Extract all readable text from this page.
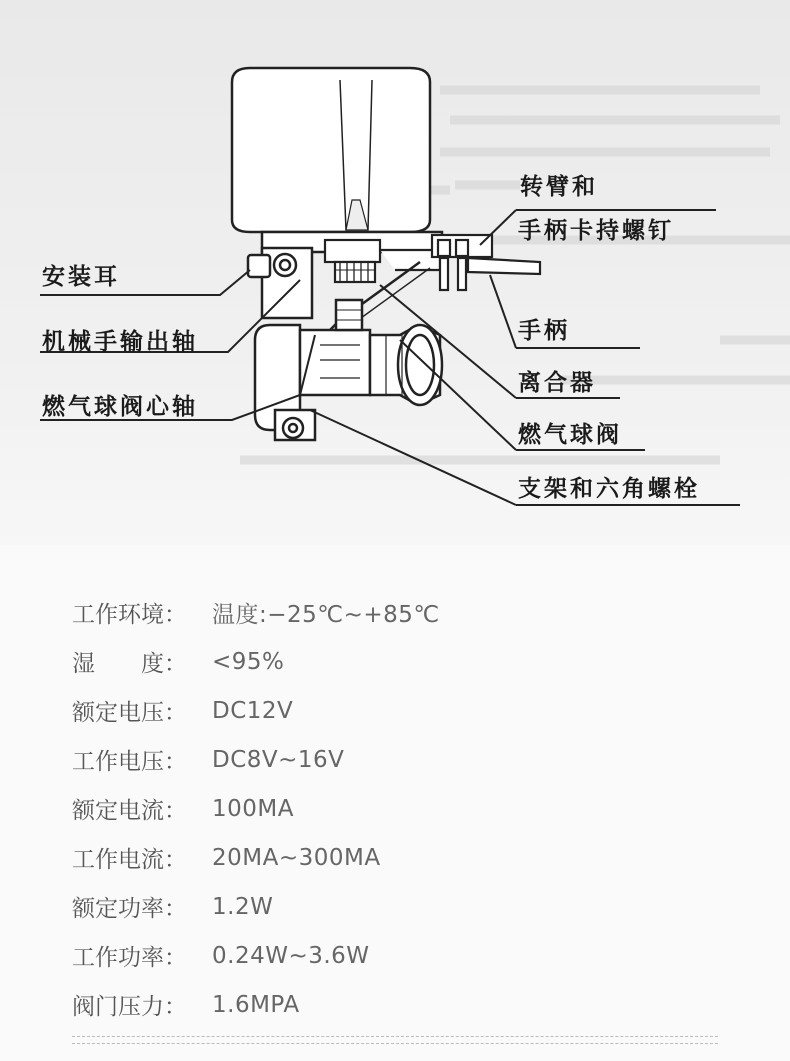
安装耳
机械手输出轴
燃气球阀心轴
转臂和
手柄卡持螺钉
手柄
离合器
燃气球阀
支架和六角螺栓
工作环境：	温度:−25℃~+85℃
湿　　度：	<95%
额定电压：	DC12V
工作电压：	DC8V~16V
额定电流：	100MA
工作电流：	20MA~300MA
额定功率：	1.2W
工作功率：	0.24W~3.6W
阀门压力：	1.6MPA
